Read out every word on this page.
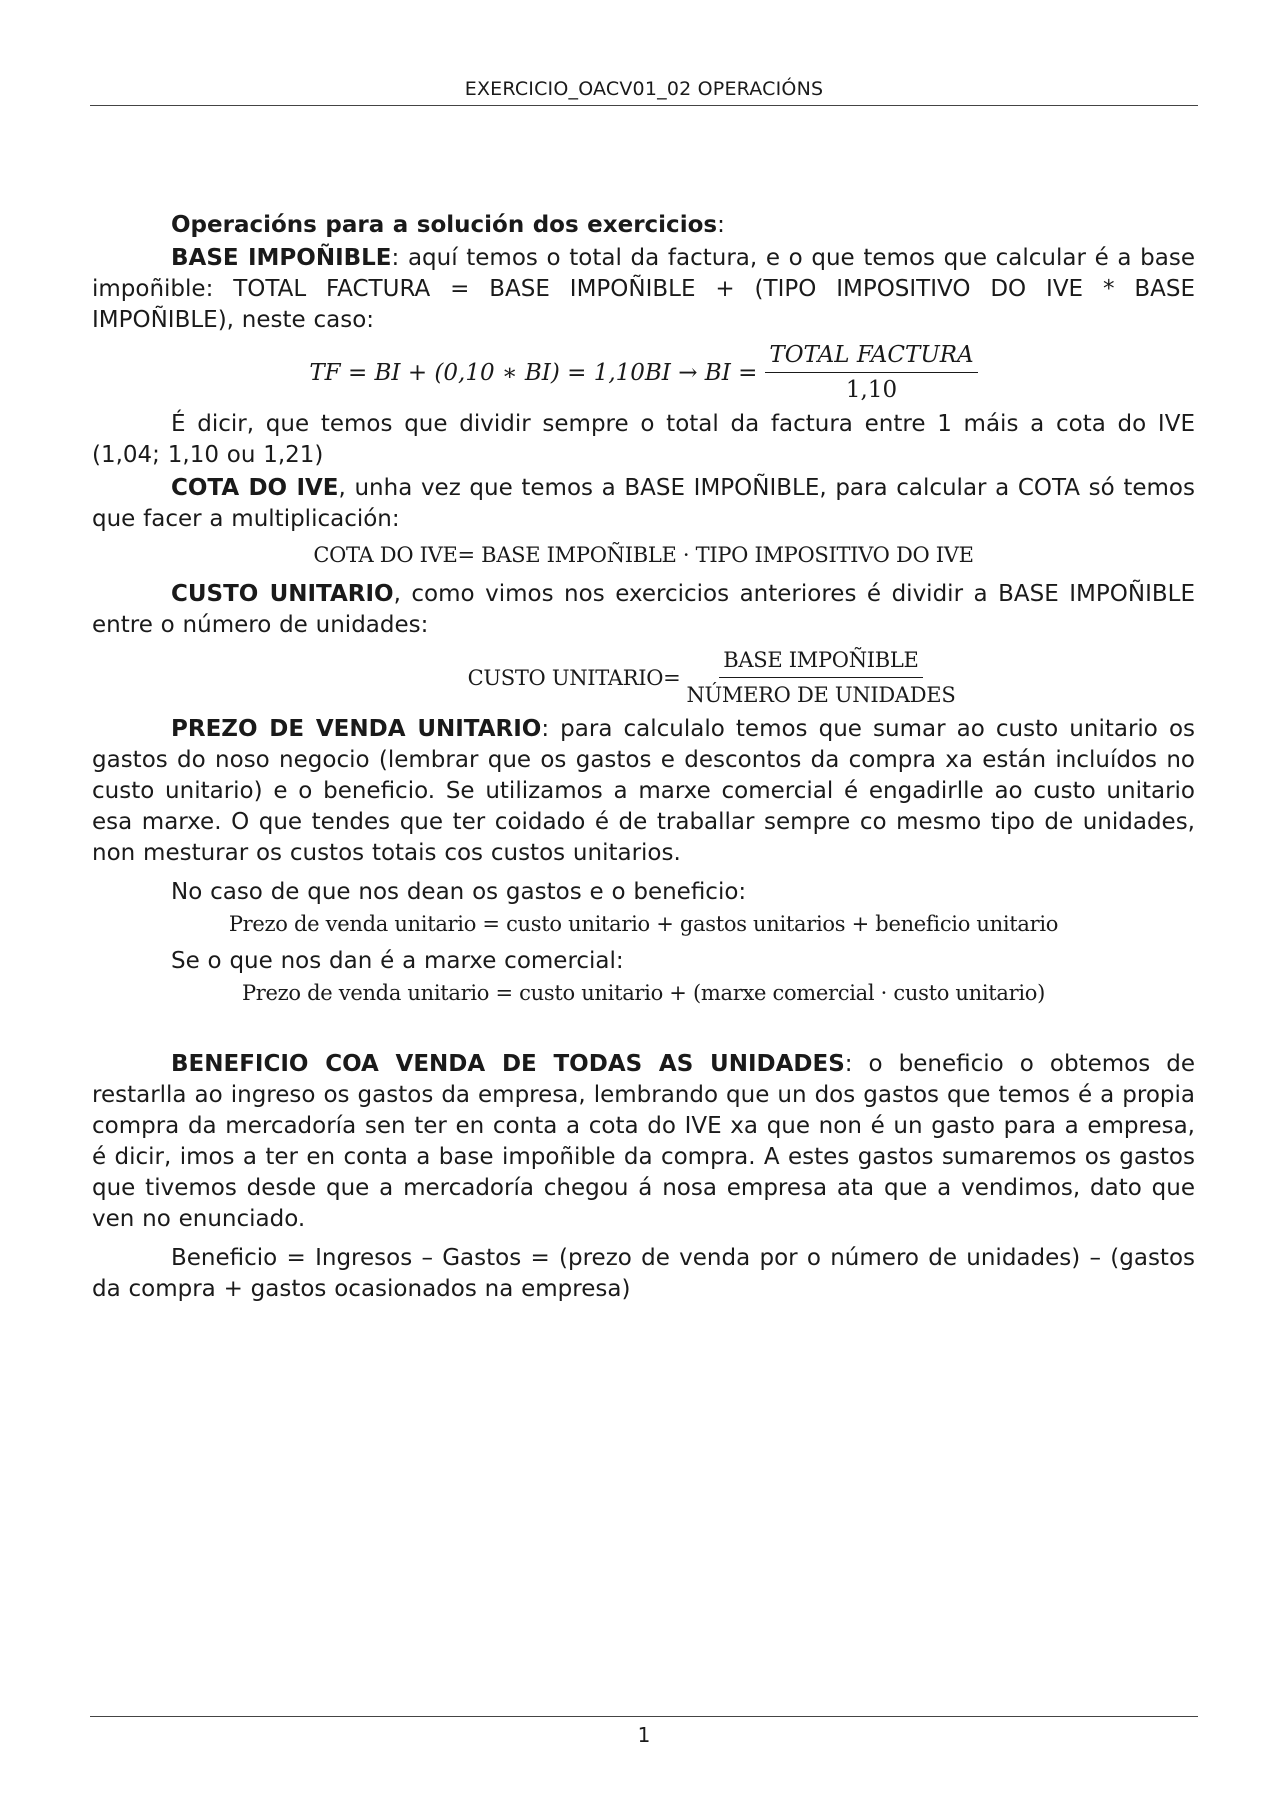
EXERCICIO_OACV01_02 OPERACIÓNS

Operacións para a solución dos exercicios:

BASE IMPOÑIBLE: aquí temos o total da factura, e o que temos que calcular é a base impoñible: TOTAL FACTURA = BASE IMPOÑIBLE + (TIPO IMPOSITIVO DO IVE * BASE IMPOÑIBLE), neste caso:

TF = BI + (0,10 ∗ BI) = 1,10BI → BI = $\frac{\text{TOTAL FACTURA}}{1,10}$

É dicir, que temos que dividir sempre o total da factura entre 1 máis a cota do IVE (1,04; 1,10 ou 1,21)

COTA DO IVE, unha vez que temos a BASE IMPOÑIBLE, para calcular a COTA só temos que facer a multiplicación:

COTA DO IVE= BASE IMPOÑIBLE · TIPO IMPOSITIVO DO IVE

CUSTO UNITARIO, como vimos nos exercicios anteriores é dividir a BASE IMPOÑIBLE entre o número de unidades:

CUSTO UNITARIO= $\frac{\text{BASE IMPOÑIBLE}}{\text{NÚMERO DE UNIDADES}}$

PREZO DE VENDA UNITARIO: para calculalo temos que sumar ao custo unitario os gastos do noso negocio (lembrar que os gastos e descontos da compra xa están incluídos no custo unitario) e o beneficio. Se utilizamos a marxe comercial é engadirlle ao custo unitario esa marxe. O que tendes que ter coidado é de traballar sempre co mesmo tipo de unidades, non mesturar os custos totais cos custos unitarios.

No caso de que nos dean os gastos e o beneficio:

Prezo de venda unitario = custo unitario + gastos unitarios + beneficio unitario

Se o que nos dan é a marxe comercial:

Prezo de venda unitario = custo unitario + (marxe comercial · custo unitario)

BENEFICIO COA VENDA DE TODAS AS UNIDADES: o beneficio o obtemos de restarlla ao ingreso os gastos da empresa, lembrando que un dos gastos que temos é a propia compra da mercadoría sen ter en conta a cota do IVE xa que non é un gasto para a empresa, é dicir, imos a ter en conta a base impoñible da compra. A estes gastos sumaremos os gastos que tivemos desde que a mercadoría chegou á nosa empresa ata que a vendimos, dato que ven no enunciado.

Beneficio = Ingresos – Gastos = (prezo de venda por o número de unidades) – (gastos da compra + gastos ocasionados na empresa)

1
